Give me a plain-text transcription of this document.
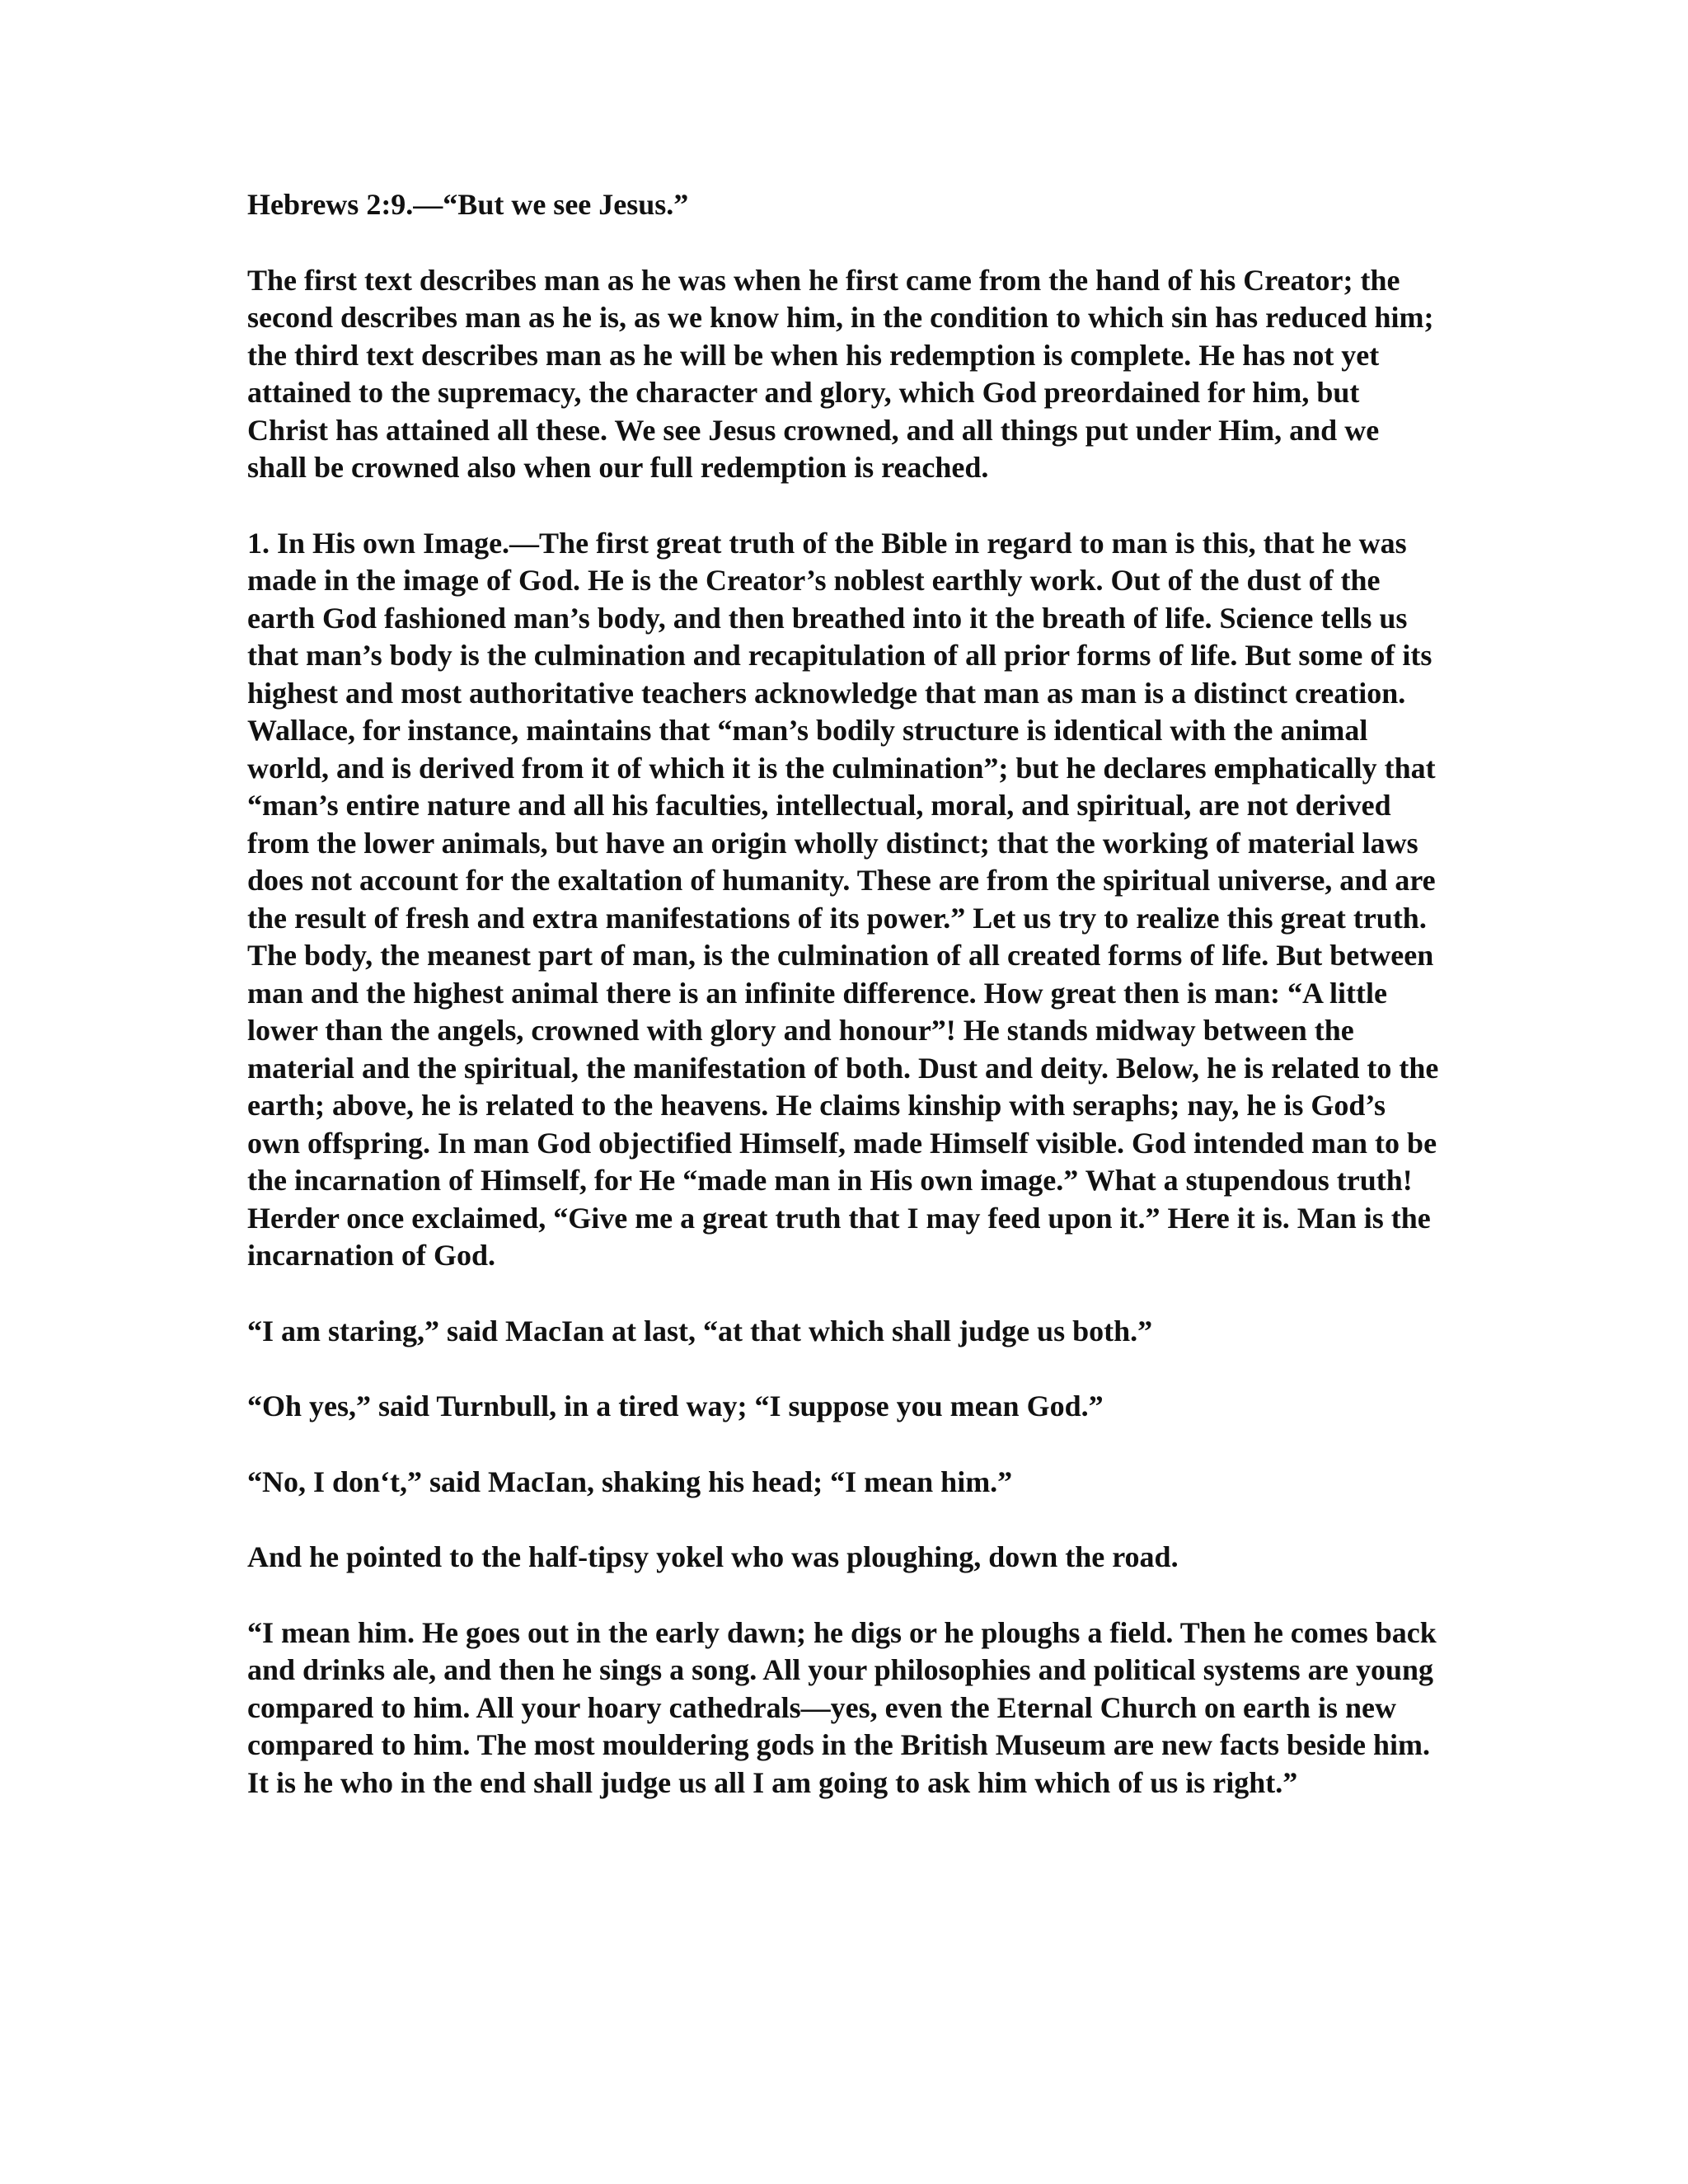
Hebrews 2:9.—“But we see Jesus.”

The first text describes man as he was when he first came from the hand of his Creator; the second describes man as he is, as we know him, in the condition to which sin has reduced him; the third text describes man as he will be when his redemption is complete. He has not yet attained to the supremacy, the character and glory, which God preordained for him, but Christ has attained all these. We see Jesus crowned, and all things put under Him, and we shall be crowned also when our full redemption is reached.

1. In His own Image.—The first great truth of the Bible in regard to man is this, that he was made in the image of God. He is the Creator’s noblest earthly work. Out of the dust of the earth God fashioned man’s body, and then breathed into it the breath of life. Science tells us that man’s body is the culmination and recapitulation of all prior forms of life. But some of its highest and most authoritative teachers acknowledge that man as man is a distinct creation. Wallace, for instance, maintains that “man’s bodily structure is identical with the animal world, and is derived from it of which it is the culmination”; but he declares emphatically that “man’s entire nature and all his faculties, intellectual, moral, and spiritual, are not derived from the lower animals, but have an origin wholly distinct; that the working of material laws does not account for the exaltation of humanity. These are from the spiritual universe, and are the result of fresh and extra manifestations of its power.” Let us try to realize this great truth. The body, the meanest part of man, is the culmination of all created forms of life. But between man and the highest animal there is an infinite difference. How great then is man: “A little lower than the angels, crowned with glory and honour”! He stands midway between the material and the spiritual, the manifestation of both. Dust and deity. Below, he is related to the earth; above, he is related to the heavens. He claims kinship with seraphs; nay, he is God’s own offspring. In man God objectified Himself, made Himself visible. God intended man to be the incarnation of Himself, for He “made man in His own image.” What a stupendous truth! Herder once exclaimed, “Give me a great truth that I may feed upon it.” Here it is. Man is the incarnation of God.

“I am staring,” said MacIan at last, “at that which shall judge us both.”

“Oh yes,” said Turnbull, in a tired way; “I suppose you mean God.”

“No, I don‘t,” said MacIan, shaking his head; “I mean him.”

And he pointed to the half-tipsy yokel who was ploughing, down the road.

“I mean him. He goes out in the early dawn; he digs or he ploughs a field. Then he comes back and drinks ale, and then he sings a song. All your philosophies and political systems are young compared to him. All your hoary cathedrals—yes, even the Eternal Church on earth is new compared to him. The most mouldering gods in the British Museum are new facts beside him. It is he who in the end shall judge us all I am going to ask him which of us is right.”
